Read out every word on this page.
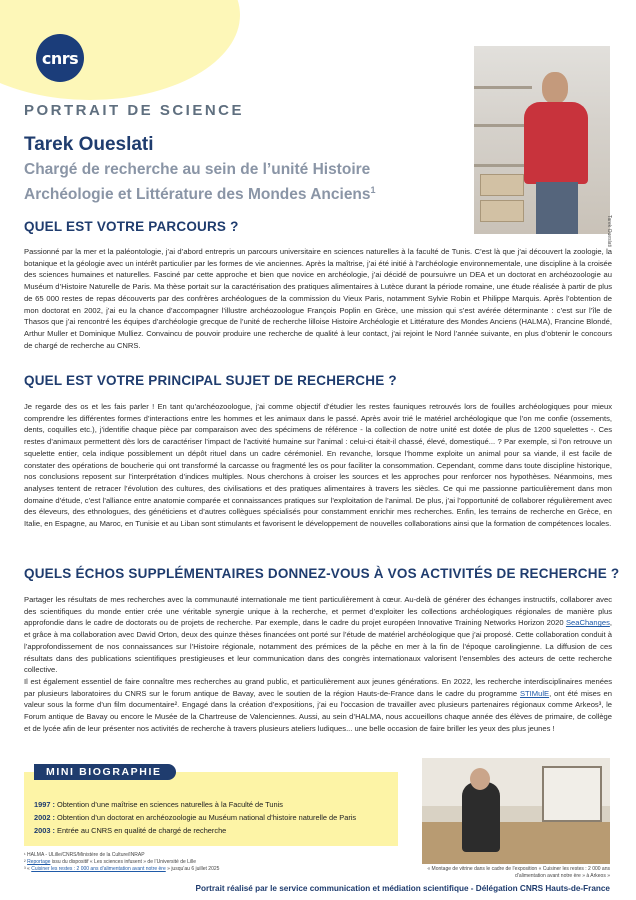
cnrs
PORTRAIT DE SCIENCE
Tarek Oueslati
Chargé de recherche au sein de l’unité Histoire Archéologie et Littérature des Mondes Anciens$^1$
Tarek Oueslati
QUEL EST VOTRE PARCOURS ?
Passionné par la mer et la paléontologie, j’ai d’abord entrepris un parcours universitaire en sciences naturelles à la faculté de Tunis. C’est là que j’ai découvert la zoologie, la botanique et la géologie avec un intérêt particulier par les formes de vie anciennes. Après la maîtrise, j’ai été initié à l’archéologie environnementale, une discipline à la croisée des sciences humaines et naturelles. Fasciné par cette approche et bien que novice en archéologie, j’ai décidé de poursuivre un DEA et un doctorat en archéozoologie au Muséum d’Histoire Naturelle de Paris. Ma thèse portait sur la caractérisation des pratiques alimentaires à Lutèce durant la période romaine, une étude réalisée à partir de plus de 65 000 restes de repas découverts par des confrères archéologues de la commission du Vieux Paris, notamment Sylvie Robin et Philippe Marquis. Après l’obtention de mon doctorat en 2002, j’ai eu la chance d’accompagner l’illustre archéozoologue François Poplin en Grèce, une mission qui s’est avérée déterminante : c’est sur l’île de Thasos que j’ai rencontré les équipes d’archéologie grecque de l’unité de recherche lilloise Histoire Archéologie et Littérature des Mondes Anciens (HALMA), Francine Blondé, Arthur Muller et Dominique Mulliez. Convaincu de pouvoir produire une recherche de qualité à leur contact, j’ai rejoint le Nord l’année suivante, en plus d’obtenir le concours de chargé de recherche au CNRS.
QUEL EST VOTRE PRINCIPAL SUJET DE RECHERCHE ?
Je regarde des os et les fais parler ! En tant qu’archéozoologue, j’ai comme objectif d’étudier les restes fauniques retrouvés lors de fouilles archéologiques pour mieux comprendre les différentes formes d’interactions entre les hommes et les animaux dans le passé. Après avoir trié le matériel archéologique que l’on me confie (ossements, dents, coquilles etc.), j’identifie chaque pièce par comparaison avec des spécimens de référence - la collection de notre unité est dotée de plus de 1200 squelettes -. Ces restes d’animaux permettent dès lors de caractériser l’impact de l’activité humaine sur l’animal : celui-ci était-il chassé, élevé, domestiqué... ? Par exemple, si l’on retrouve un squelette entier, cela indique possiblement un dépôt rituel dans un cadre cérémoniel. En revanche, lorsque l’homme exploite un animal pour sa viande, il est facile de constater des opérations de boucherie qui ont transformé la carcasse ou fragmenté les os pour faciliter la consommation. Cependant, comme dans toute discipline historique, nos conclusions reposent sur l’interprétation d’indices multiples. Nous cherchons à croiser les sources et les approches pour renforcer nos hypothèses. Néanmoins, mes analyses tentent de retracer l’évolution des cultures, des civilisations et des pratiques alimentaires à travers les siècles. Ce qui me passionne particulièrement dans mon domaine d’étude, c’est l’alliance entre anatomie comparée et connaissances pratiques sur l’exploitation de l’animal. De plus, j’ai l’opportunité de collaborer régulièrement avec des éleveurs, des ethnologues, des généticiens et d’autres collègues spécialisés pour constamment enrichir mes recherches. Enfin, les terrains de recherche en Grèce, en Italie, en Espagne, au Maroc, en Tunisie et au Liban sont stimulants et favorisent le développement de nouvelles collaborations ainsi que la formation de compétences locales.
QUELS ÉCHOS SUPPLÉMENTAIRES DONNEZ-VOUS À VOS ACTIVITÉS DE RECHERCHE ?
Partager les résultats de mes recherches avec la communauté internationale me tient particulièrement à cœur. Au-delà de générer des échanges instructifs, collaborer avec des scientifiques du monde entier crée une véritable synergie unique à la recherche, et permet d’exploiter les collections archéologiques régionales de manière plus approfondie dans le cadre de doctorats ou de projets de recherche. Par exemple, dans le cadre du projet européen Innovative Training Networks Horizon 2020 SeaChanges, et grâce à ma collaboration avec David Orton, deux des quinze thèses financées ont porté sur l’étude de matériel archéologique que j’ai proposé. Cette collaboration conduit à l’approfondissement de nos connaissances sur l’Histoire régionale, notamment des prémices de la pêche en mer à la fin de l’époque carolingienne. La diffusion de ces résultats dans des publications scientifiques prestigieuses et leur communication dans des congrès internationaux valorisent l’ensembles des acteurs de cette recherche collective.
Il est également essentiel de faire connaître mes recherches au grand public, et particulièrement aux jeunes générations. En 2022, les recherche interdisciplinaires menées par plusieurs laboratoires du CNRS sur le forum antique de Bavay, avec le soutien de la région Hauts-de-France dans le cadre du programme STIMulE, ont été mises en valeur sous la forme d’un film documentaire². Engagé dans la création d’expositions, j’ai eu l’occasion de travailler avec plusieurs partenaires régionaux comme Arkeos³, le Forum antique de Bavay ou encore le Musée de la Chartreuse de Valenciennes. Aussi, au sein d’HALMA, nous accueillons chaque année des élèves de primaire, de collège et de lycée afin de leur présenter nos activités de recherche à travers plusieurs ateliers ludiques... une belle occasion de faire briller les yeux des plus jeunes !
MINI BIOGRAPHIE
1997 : Obtention d’une maîtrise en sciences naturelles à la Faculté de Tunis
2002 : Obtention d’un doctorat en archéozoologie au Muséum national d’histoire naturelle de Paris
2003 : Entrée au CNRS en qualité de chargé de recherche
« Montage de vitrine dans le cadre de l’exposition « Cuisiner les restes : 2 000 ans d’alimentation avant notre ère » à Arkeos »
¹ HALMA - ULille/CNRS/Ministère de la Culture/INRAP
² Reportage issu du dispositif « Les sciences infusent » de l’Université de Lille
³ « Cuisiner les restes : 2 000 ans d’alimentation avant notre ère » jusqu’au 6 juillet 2025
Portrait réalisé par le service communication et médiation scientifique - Délégation CNRS Hauts-de-France
